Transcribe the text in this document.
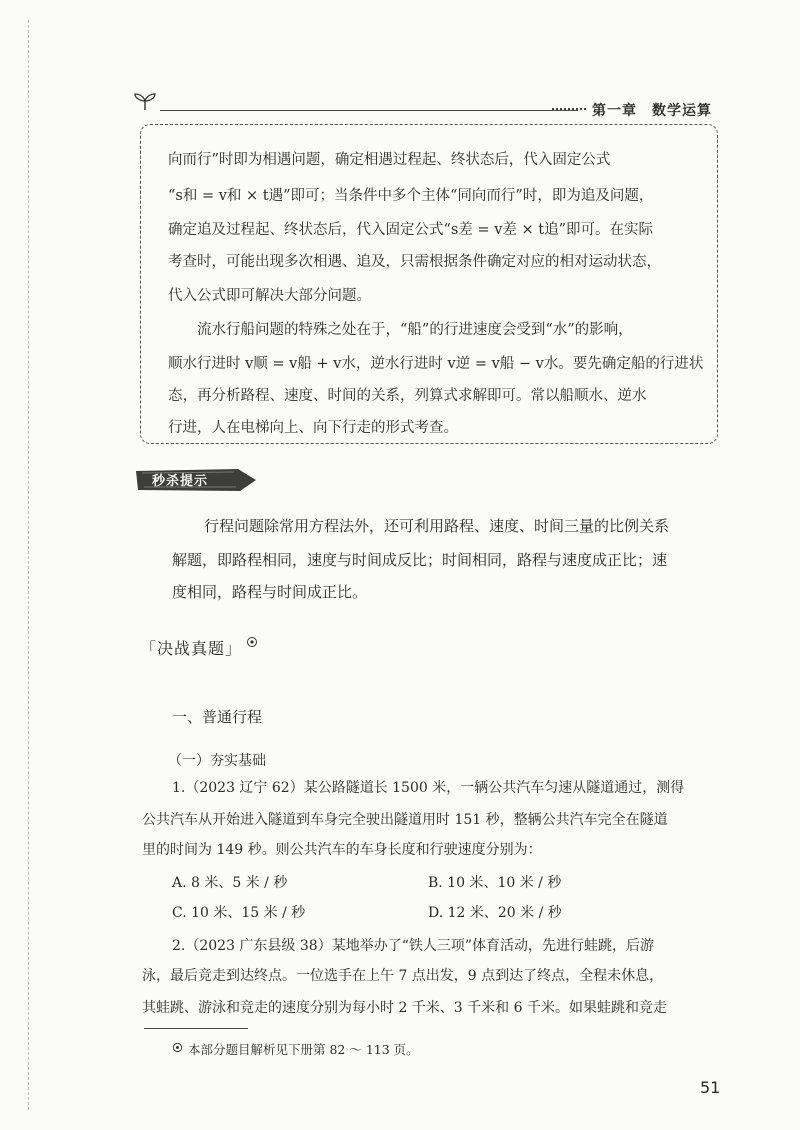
第一章　数学运算
向而行”时即为相遇问题，确定相遇过程起、终状态后，代入固定公式
“s和 = v和 × t遇”即可；当条件中多个主体“同向而行”时，即为追及问题，
确定追及过程起、终状态后，代入固定公式“s差 = v差 × t追”即可。在实际
考查时，可能出现多次相遇、追及，只需根据条件确定对应的相对运动状态，
代入公式即可解决大部分问题。
　　流水行船问题的特殊之处在于，“船”的行进速度会受到“水”的影响，
顺水行进时 v顺 = v船 + v水，逆水行进时 v逆 = v船 − v水。要先确定船的行进状
态，再分析路程、速度、时间的关系，列算式求解即可。常以船顺水、逆水
行进，人在电梯向上、向下行走的形式考查。
秒杀提示
行程问题除常用方程法外，还可利用路程、速度、时间三量的比例关系
解题，即路程相同，速度与时间成反比；时间相同，路程与速度成正比；速
度相同，路程与时间成正比。
「决战真题」
一、普通行程
（一）夯实基础
1.（2023 辽宁 62）某公路隧道长 1500 米，一辆公共汽车匀速从隧道通过，测得
公共汽车从开始进入隧道到车身完全驶出隧道用时 151 秒，整辆公共汽车完全在隧道
里的时间为 149 秒。则公共汽车的车身长度和行驶速度分别为：
A. 8 米、5 米 / 秒	B. 10 米、10 米 / 秒
C. 10 米、15 米 / 秒	D. 12 米、20 米 / 秒
2.（2023 广东县级 38）某地举办了“铁人三项”体育活动，先进行蛙跳，后游
泳，最后竞走到达终点。一位选手在上午 7 点出发，9 点到达了终点，全程未休息，
其蛙跳、游泳和竞走的速度分别为每小时 2 千米、3 千米和 6 千米。如果蛙跳和竞走
本部分题目解析见下册第 82 ～ 113 页。
51
